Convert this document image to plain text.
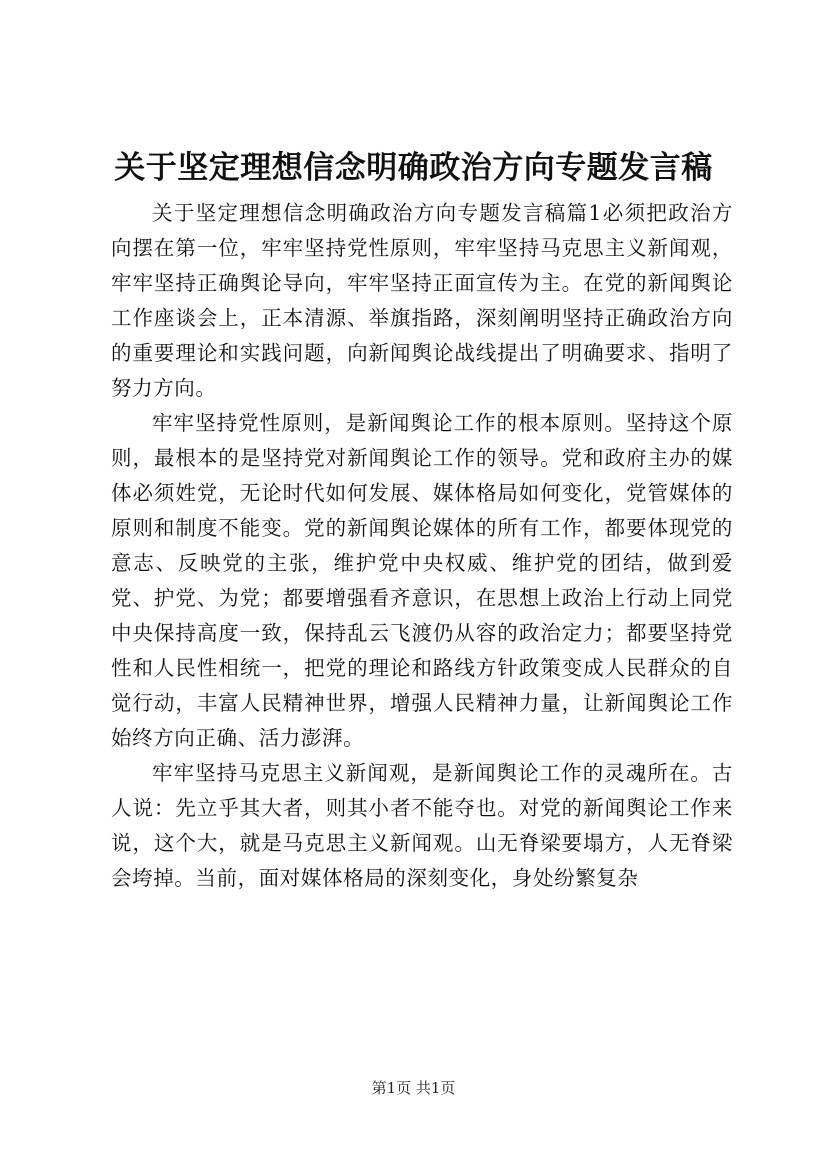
关于坚定理想信念明确政治方向专题发言稿

关于坚定理想信念明确政治方向专题发言稿篇1必须把政治方向摆在第一位，牢牢坚持党性原则，牢牢坚持马克思主义新闻观，牢牢坚持正确舆论导向，牢牢坚持正面宣传为主。在党的新闻舆论工作座谈会上，正本清源、举旗指路，深刻阐明坚持正确政治方向的重要理论和实践问题，向新闻舆论战线提出了明确要求、指明了努力方向。

牢牢坚持党性原则，是新闻舆论工作的根本原则。坚持这个原则，最根本的是坚持党对新闻舆论工作的领导。党和政府主办的媒体必须姓党，无论时代如何发展、媒体格局如何变化，党管媒体的原则和制度不能变。党的新闻舆论媒体的所有工作，都要体现党的意志、反映党的主张，维护党中央权威、维护党的团结，做到爱党、护党、为党；都要增强看齐意识，在思想上政治上行动上同党中央保持高度一致，保持乱云飞渡仍从容的政治定力；都要坚持党性和人民性相统一，把党的理论和路线方针政策变成人民群众的自觉行动，丰富人民精神世界，增强人民精神力量，让新闻舆论工作始终方向正确、活力澎湃。

牢牢坚持马克思主义新闻观，是新闻舆论工作的灵魂所在。古人说：先立乎其大者，则其小者不能夺也。对党的新闻舆论工作来说，这个大，就是马克思主义新闻观。山无脊梁要塌方，人无脊梁会垮掉。当前，面对媒体格局的深刻变化，身处纷繁复杂

第1页 共1页
